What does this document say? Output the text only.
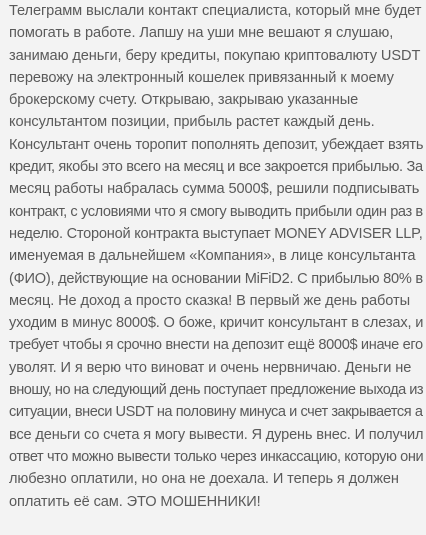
Телеграмм выслали контакт специалиста, который мне будет
помогать в работе. Лапшу на уши мне вешают я слушаю,
занимаю деньги, беру кредиты, покупаю криптовалюту USDT
перевожу на электронный кошелек привязанный к моему
брокерскому счету. Открываю, закрываю указанные
консультантом позиции, прибыль растет каждый день.
Консультант очень торопит пополнять депозит, убеждает взять
кредит, якобы это всего на месяц и все закроется прибылью. За
месяц работы набралась сумма 5000$, решили подписывать
контракт, с условиями что я смогу выводить прибыли один раз в
неделю. Стороной контракта выступает MONEY ADVISER LLP,
именуемая в дальнейшем «Компания», в лице консультанта
(ФИО), действующие на основании MiFiD2. С прибылью 80% в
месяц. Не доход а просто сказка! В первый же день работы
уходим в минус 8000$. О боже, кричит консультант в слезах, и
требует чтобы я срочно внести на депозит ещё 8000$ иначе его
уволят. И я верю что виноват и очень нервничаю. Деньги не
вношу, но на следующий день поступает предложение выхода из
ситуации, внеси USDT на половину минуса и счет закрывается а
все деньги со счета я могу вывести. Я дурень внес. И получил
ответ что можно вывести только через инкассацию, которую они
любезно оплатили, но она не доехала. И теперь я должен
оплатить её сам. ЭТО МОШЕННИКИ!
